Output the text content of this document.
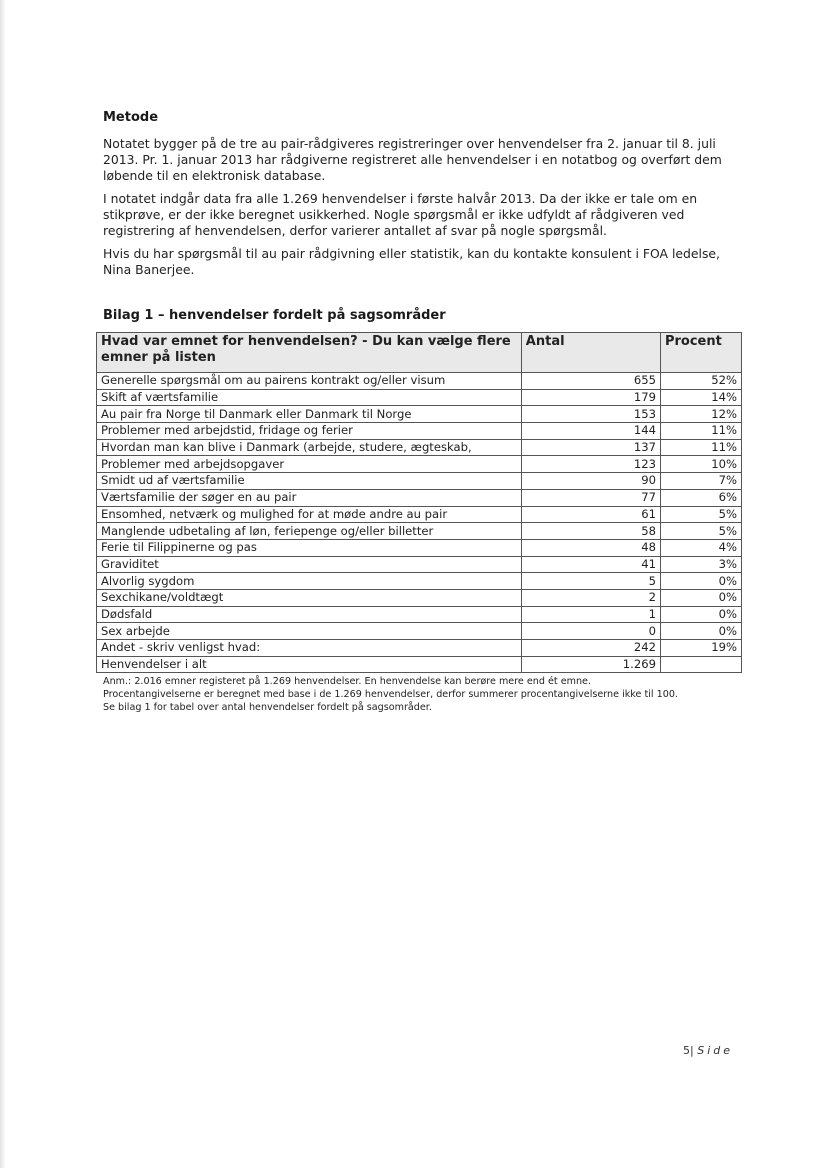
Metode

Notatet bygger på de tre au pair-rådgiveres registreringer over henvendelser fra 2. januar til 8. juli 2013. Pr. 1. januar 2013 har rådgiverne registreret alle henvendelser i en notatbog og overført dem løbende til en elektronisk database.

I notatet indgår data fra alle 1.269 henvendelser i første halvår 2013. Da der ikke er tale om en stikprøve, er der ikke beregnet usikkerhed. Nogle spørgsmål er ikke udfyldt af rådgiveren ved registrering af henvendelsen, derfor varierer antallet af svar på nogle spørgsmål.

Hvis du har spørgsmål til au pair rådgivning eller statistik, kan du kontakte konsulent i FOA ledelse, Nina Banerjee.

Bilag 1 – henvendelser fordelt på sagsområder
Hvad var emnet for henvendelsen? - Du kan vælge flere emner på listen	Antal	Procent
Generelle spørgsmål om au pairens kontrakt og/eller visum	655	52%
Skift af værtsfamilie	179	14%
Au pair fra Norge til Danmark eller Danmark til Norge	153	12%
Problemer med arbejdstid, fridage og ferier	144	11%
Hvordan man kan blive i Danmark (arbejde, studere, ægteskab,	137	11%
Problemer med arbejdsopgaver	123	10%
Smidt ud af værtsfamilie	90	7%
Værtsfamilie der søger en au pair	77	6%
Ensomhed, netværk og mulighed for at møde andre au pair	61	5%
Manglende udbetaling af løn, feriepenge og/eller billetter	58	5%
Ferie til Filippinerne og pas	48	4%
Graviditet	41	3%
Alvorlig sygdom	5	0%
Sexchikane/voldtægt	2	0%
Dødsfald	1	0%
Sex arbejde	0	0%
Andet - skriv venligst hvad:	242	19%
Henvendelser i alt	1.269	
Anm.: 2.016 emner registeret på 1.269 henvendelser. En henvendelse kan berøre mere end ét emne.
Procentangivelserne er beregnet med base i de 1.269 henvendelser, derfor summerer procentangivelserne ikke til 100.
Se bilag 1 for tabel over antal henvendelser fordelt på sagsområder.
5| Side
